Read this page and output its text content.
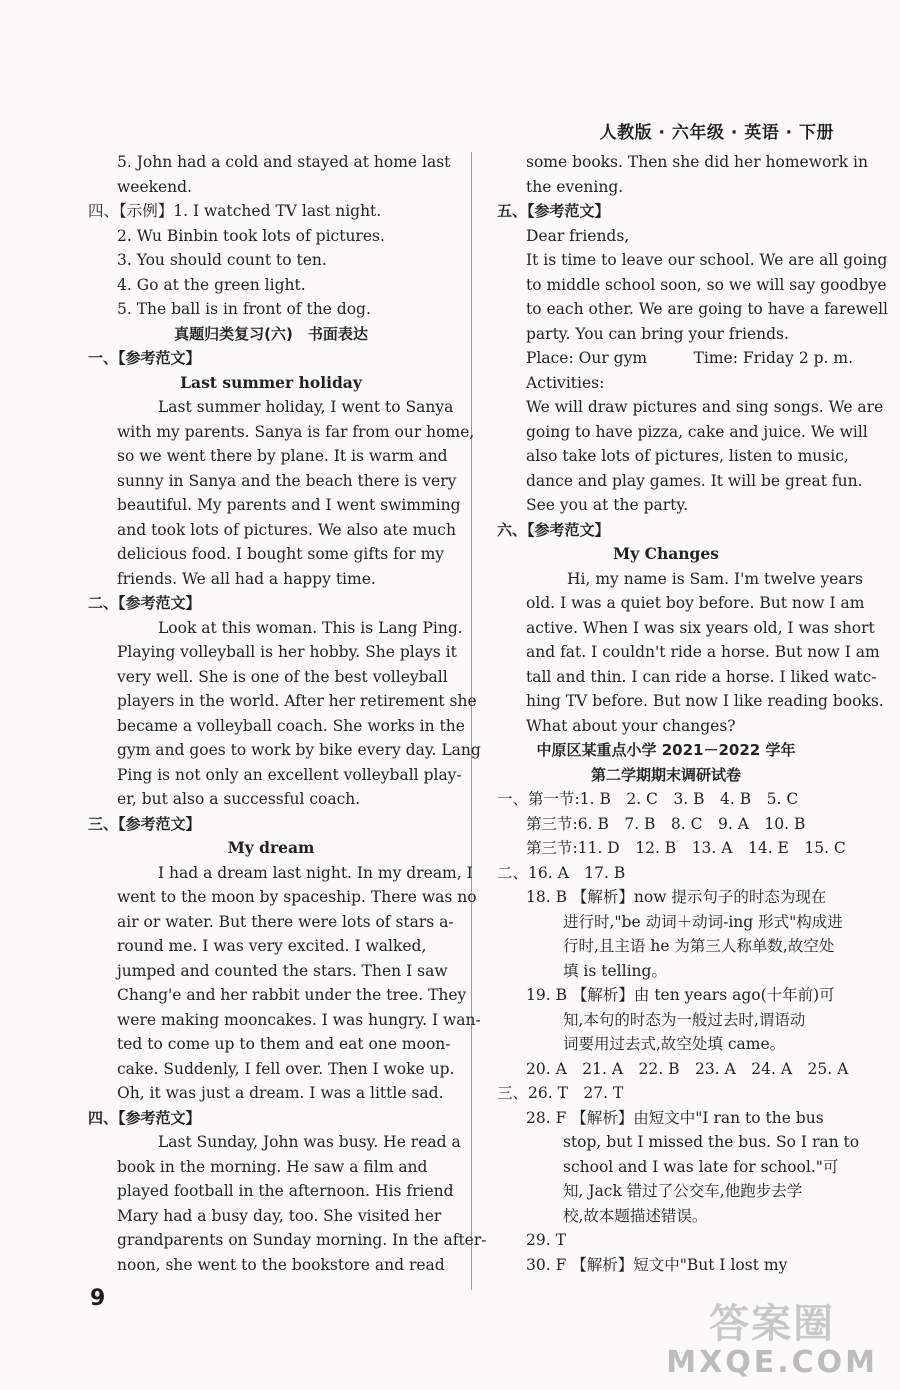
人教版 · 六年级 · 英语 · 下册
5. John had a cold and stayed at home last
weekend.
四、【示例】1. I watched TV last night.
2. Wu Binbin took lots of pictures.
3. You should count to ten.
4. Go at the green light.
5. The ball is in front of the dog.
真题归类复习(六)　书面表达
一、【参考范文】
Last summer holiday
Last summer holiday, I went to Sanya
with my parents. Sanya is far from our home,
so we went there by plane. It is warm and
sunny in Sanya and the beach there is very
beautiful. My parents and I went swimming
and took lots of pictures. We also ate much
delicious food. I bought some gifts for my
friends. We all had a happy time.
二、【参考范文】
Look at this woman. This is Lang Ping.
Playing volleyball is her hobby. She plays it
very well. She is one of the best volleyball
players in the world. After her retirement she
became a volleyball coach. She works in the
gym and goes to work by bike every day. Lang
Ping is not only an excellent volleyball play-
er, but also a successful coach.
三、【参考范文】
My dream
I had a dream last night. In my dream, I
went to the moon by spaceship. There was no
air or water. But there were lots of stars a-
round me. I was very excited. I walked,
jumped and counted the stars. Then I saw
Chang'e and her rabbit under the tree. They
were making mooncakes. I was hungry. I wan-
ted to come up to them and eat one moon-
cake. Suddenly, I fell over. Then I woke up.
Oh, it was just a dream. I was a little sad.
四、【参考范文】
Last Sunday, John was busy. He read a
book in the morning. He saw a film and
played football in the afternoon. His friend
Mary had a busy day, too. She visited her
grandparents on Sunday morning. In the after-
noon, she went to the bookstore and read
some books. Then she did her homework in
the evening.
五、【参考范文】
Dear friends,
It is time to leave our school. We are all going
to middle school soon, so we will say goodbye
to each other. We are going to have a farewell
party. You can bring your friends.
Place: Our gym　　　Time: Friday 2 p. m.
Activities:
We will draw pictures and sing songs. We are
going to have pizza, cake and juice. We will
also take lots of pictures, listen to music,
dance and play games. It will be great fun.
See you at the party.
六、【参考范文】
My Changes
Hi, my name is Sam. I'm twelve years
old. I was a quiet boy before. But now I am
active. When I was six years old, I was short
and fat. I couldn't ride a horse. But now I am
tall and thin. I can ride a horse. I liked watc-
hing TV before. But now I like reading books.
What about your changes?
中原区某重点小学 2021－2022 学年
第二学期期末调研试卷
一、第一节:1. B　2. C　3. B　4. B　5. C
第三节:6. B　7. B　8. C　9. A　10. B
第三节:11. D　12. B　13. A　14. E　15. C
二、16. A　17. B
18. B 【解析】now 提示句子的时态为现在
进行时,"be 动词＋动词-ing 形式"构成进
行时,且主语 he 为第三人称单数,故空处
填 is telling。
19. B 【解析】由 ten years ago(十年前)可
知,本句的时态为一般过去时,谓语动
词要用过去式,故空处填 came。
20. A　21. A　22. B　23. A　24. A　25. A
三、26. T　27. T
28. F 【解析】由短文中"I ran to the bus
stop, but I missed the bus. So I ran to
school and I was late for school."可
知, Jack 错过了公交车,他跑步去学
校,故本题描述错误。
29. T
30. F 【解析】短文中"But I lost my
9
答案圈
MXQE.COM
